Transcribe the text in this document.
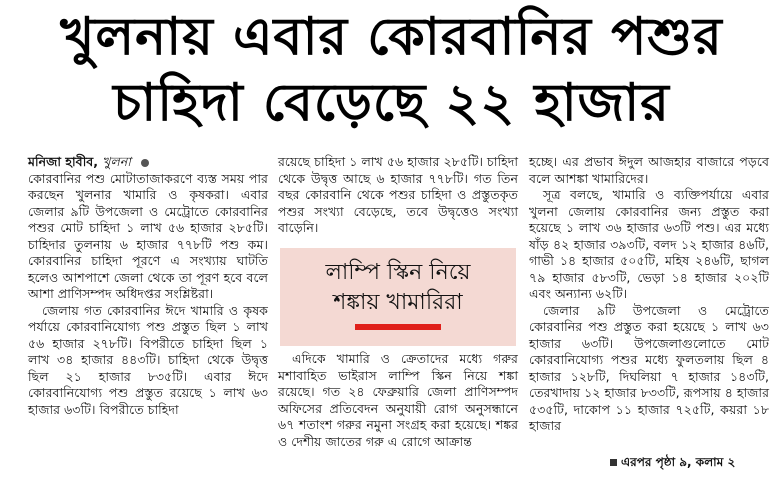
খুলনায় এবার কোরবানির পশুর
চাহিদা বেড়েছে ২২ হাজার

মনিজা হাবীব, খুলনা

কোরবানির পশু মোটাতাজাকরণে ব্যস্ত সময় পার করছেন খুলনার খামারি ও কৃষকরা। এবার জেলার ৯টি উপজেলা ও মেট্রোতে কোরবানির পশুর মোট চাহিদা ১ লাখ ৫৬ হাজার ২৮৫টি। চাহিদার তুলনায় ৬ হাজার ৭৭৮টি পশু কম। কোরবানির চাহিদা পূরণে এ সংখ্যায় ঘাটতি হলেও আশপাশে জেলা থেকে তা পূরণ হবে বলে আশা প্রাণিসম্পদ অধিদপ্তর সংশ্লিষ্টরা।

জেলায় গত কোরবানির ঈদে খামারি ও কৃষক পর্যায়ে কোরবানিযোগ্য পশু প্রস্তুত ছিল ১ লাখ ৫৬ হাজার ২৭৮টি। বিপরীতে চাহিদা ছিল ১ লাখ ৩৪ হাজার ৪৪৩টি। চাহিদা থেকে উদ্বৃত্ত ছিল ২১ হাজার ৮৩৫টি। এবার ঈদে কোরবানিযোগ্য পশু প্রস্তুত রয়েছে ১ লাখ ৬৩ হাজার ৬৩টি। বিপরীতে চাহিদা

রয়েছে চাহিদা ১ লাখ ৫৬ হাজার ২৮৫টি। চাহিদা থেকে উদ্বৃত্ত আছে ৬ হাজার ৭৭৮টি। গত তিন বছর কোরবানি থেকে পশুর চাহিদা ও প্রস্তুতকৃত পশুর সংখ্যা বেড়েছে, তবে উদ্বৃত্তেও সংখ্যা বাড়েনি।

লাম্পি স্কিন নিয়ে
শঙ্কায় খামারিরা

এদিকে খামারি ও ক্রেতাদের মধ্যে গরুর মশাবাহিত ভাইরাস লাম্পি স্কিন নিয়ে শঙ্কা রয়েছে। গত ২৪ ফেব্রুয়ারি জেলা প্রাণিসম্পদ অফিসের প্রতিবেদন অনুযায়ী রোগ অনুসন্ধানে ৬৭ শতাংশ গরুর নমুনা সংগ্রহ করা হয়েছে। শঙ্কর ও দেশীয় জাতের গরু এ রোগে আক্রান্ত

হচ্ছে। এর প্রভাব ঈদুল আজহার বাজারে পড়বে বলে আশঙ্কা খামারিদের।

সূত্র বলছে, খামারি ও ব্যক্তিপর্যায়ে এবার খুলনা জেলায় কোরবানির জন্য প্রস্তুত করা হয়েছে ১ লাখ ৩৬ হাজার ৬৩টি পশু। এর মধ্যে ষাঁড় ৪২ হাজার ৩৯৩টি, বলদ ১২ হাজার ৪৬টি, গাভী ১৪ হাজার ৫০৫টি, মহিষ ২৪৬টি, ছাগল ৭৯ হাজার ৫৮৩টি, ভেড়া ১৪ হাজার ২০২টি এবং অন্যান্য ৬২টি।

জেলার ৯টি উপজেলা ও মেট্রোতে কোরবানির পশু প্রস্তুত করা হয়েছে ১ লাখ ৬৩ হাজার ৬৩টি। উপজেলাগুলোতে মোট কোরবানিযোগ্য পশুর মধ্যে ফুলতলায় ছিল ৪ হাজার ১২৮টি, দিঘলিয়া ৭ হাজার ১৪৩টি, তেরখাদায় ১২ হাজার ৮৩৩টি, রূপসায় ৪ হাজার ৫৩৫টি, দাকোপ ১১ হাজার ৭২৫টি, কয়রা ১৮ হাজার

এরপর পৃষ্ঠা ৯, কলাম ২
